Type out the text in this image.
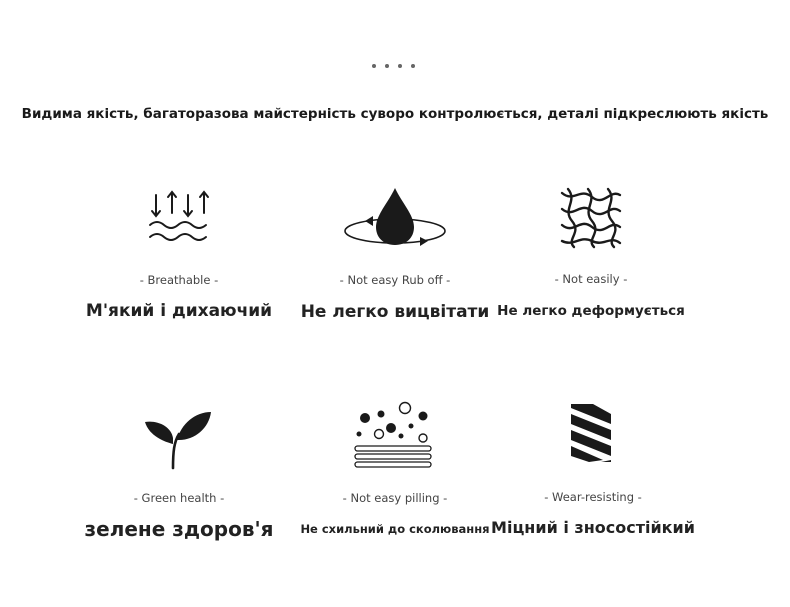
Видима якість, багаторазова майстерність суворо контролюється, деталі підкреслюють якість
- Breathable -
М'який і дихаючий
- Not easy Rub off -
Не легко вицвітати
- Not easily -
Не легко деформується
- Green health -
зелене здоров'я
- Not easy pilling -
Не схильний до сколювання
- Wear-resisting -
Міцний і зносостійкий
